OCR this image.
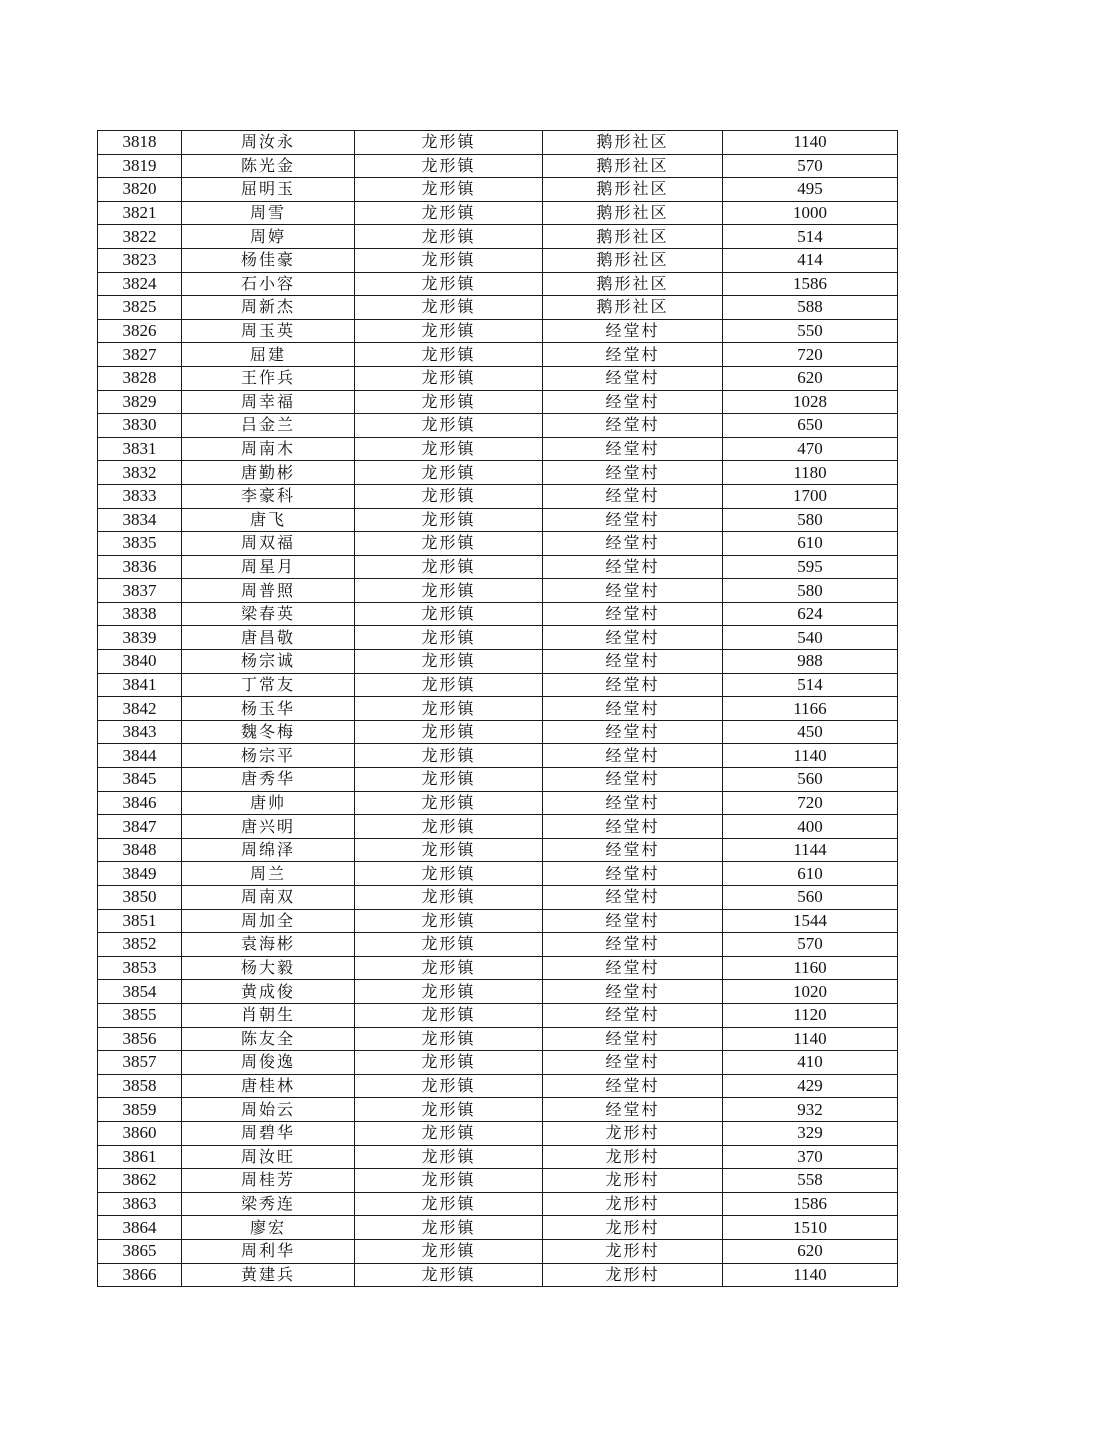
3818	周汝永	龙形镇	鹅形社区	1140
3819	陈光金	龙形镇	鹅形社区	570
3820	屈明玉	龙形镇	鹅形社区	495
3821	周雪	龙形镇	鹅形社区	1000
3822	周婷	龙形镇	鹅形社区	514
3823	杨佳豪	龙形镇	鹅形社区	414
3824	石小容	龙形镇	鹅形社区	1586
3825	周新杰	龙形镇	鹅形社区	588
3826	周玉英	龙形镇	经堂村	550
3827	屈建	龙形镇	经堂村	720
3828	王作兵	龙形镇	经堂村	620
3829	周幸福	龙形镇	经堂村	1028
3830	吕金兰	龙形镇	经堂村	650
3831	周南木	龙形镇	经堂村	470
3832	唐勤彬	龙形镇	经堂村	1180
3833	李豪科	龙形镇	经堂村	1700
3834	唐飞	龙形镇	经堂村	580
3835	周双福	龙形镇	经堂村	610
3836	周星月	龙形镇	经堂村	595
3837	周普照	龙形镇	经堂村	580
3838	梁春英	龙形镇	经堂村	624
3839	唐昌敬	龙形镇	经堂村	540
3840	杨宗诚	龙形镇	经堂村	988
3841	丁常友	龙形镇	经堂村	514
3842	杨玉华	龙形镇	经堂村	1166
3843	魏冬梅	龙形镇	经堂村	450
3844	杨宗平	龙形镇	经堂村	1140
3845	唐秀华	龙形镇	经堂村	560
3846	唐帅	龙形镇	经堂村	720
3847	唐兴明	龙形镇	经堂村	400
3848	周绵泽	龙形镇	经堂村	1144
3849	周兰	龙形镇	经堂村	610
3850	周南双	龙形镇	经堂村	560
3851	周加全	龙形镇	经堂村	1544
3852	袁海彬	龙形镇	经堂村	570
3853	杨大毅	龙形镇	经堂村	1160
3854	黄成俊	龙形镇	经堂村	1020
3855	肖朝生	龙形镇	经堂村	1120
3856	陈友全	龙形镇	经堂村	1140
3857	周俊逸	龙形镇	经堂村	410
3858	唐桂林	龙形镇	经堂村	429
3859	周始云	龙形镇	经堂村	932
3860	周碧华	龙形镇	龙形村	329
3861	周汝旺	龙形镇	龙形村	370
3862	周桂芳	龙形镇	龙形村	558
3863	梁秀连	龙形镇	龙形村	1586
3864	廖宏	龙形镇	龙形村	1510
3865	周利华	龙形镇	龙形村	620
3866	黄建兵	龙形镇	龙形村	1140
